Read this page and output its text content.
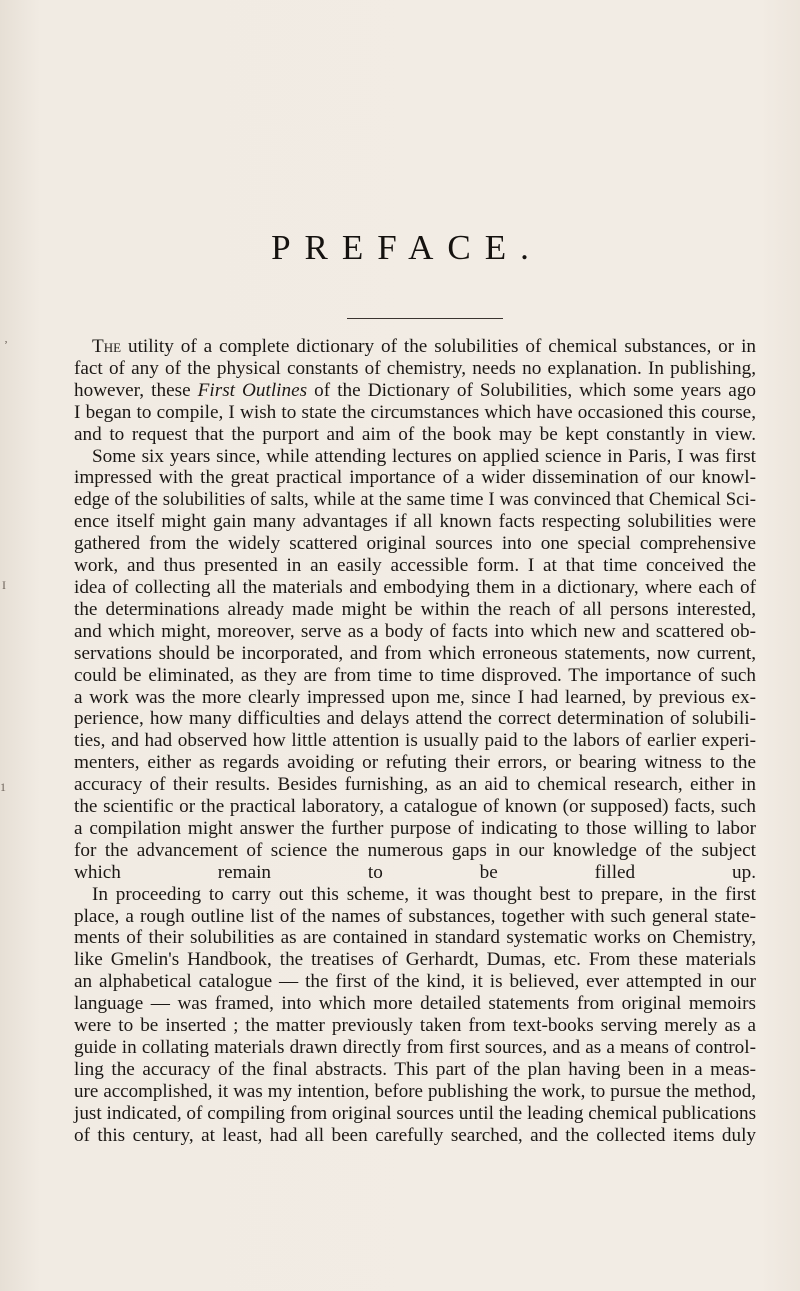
PREFACE.
ʼ
I
1

The utility of a complete dictionary of the solubilities of chemical substances, or in
fact of any of the physical constants of chemistry, needs no explanation. In publishing,
however, these First Outlines of the Dictionary of Solubilities, which some years ago
I began to compile, I wish to state the circumstances which have occasioned this course,
and to request that the purport and aim of the book may be kept constantly in view.

Some six years since, while attending lectures on applied science in Paris, I was first
impressed with the great practical importance of a wider dissemination of our knowl-
edge of the solubilities of salts, while at the same time I was convinced that Chemical Sci-
ence itself might gain many advantages if all known facts respecting solubilities were
gathered from the widely scattered original sources into one special comprehensive
work, and thus presented in an easily accessible form. I at that time conceived the
idea of collecting all the materials and embodying them in a dictionary, where each of
the determinations already made might be within the reach of all persons interested,
and which might, moreover, serve as a body of facts into which new and scattered ob-
servations should be incorporated, and from which erroneous statements, now current,
could be eliminated, as they are from time to time disproved. The importance of such
a work was the more clearly impressed upon me, since I had learned, by previous ex-
perience, how many difficulties and delays attend the correct determination of solubili-
ties, and had observed how little attention is usually paid to the labors of earlier experi-
menters, either as regards avoiding or refuting their errors, or bearing witness to the
accuracy of their results. Besides furnishing, as an aid to chemical research, either in
the scientific or the practical laboratory, a catalogue of known (or supposed) facts, such
a compilation might answer the further purpose of indicating to those willing to labor
for the advancement of science the numerous gaps in our knowledge of the subject
which remain to be filled up.

In proceeding to carry out this scheme, it was thought best to prepare, in the first
place, a rough outline list of the names of substances, together with such general state-
ments of their solubilities as are contained in standard systematic works on Chemistry,
like Gmelin's Handbook, the treatises of Gerhardt, Dumas, etc. From these materials
an alphabetical catalogue — the first of the kind, it is believed, ever attempted in our
language — was framed, into which more detailed statements from original memoirs
were to be inserted ; the matter previously taken from text-books serving merely as a
guide in collating materials drawn directly from first sources, and as a means of control-
ling the accuracy of the final abstracts. This part of the plan having been in a meas-
ure accomplished, it was my intention, before publishing the work, to pursue the method,
just indicated, of compiling from original sources until the leading chemical publications
of this century, at least, had all been carefully searched, and the collected items duly
